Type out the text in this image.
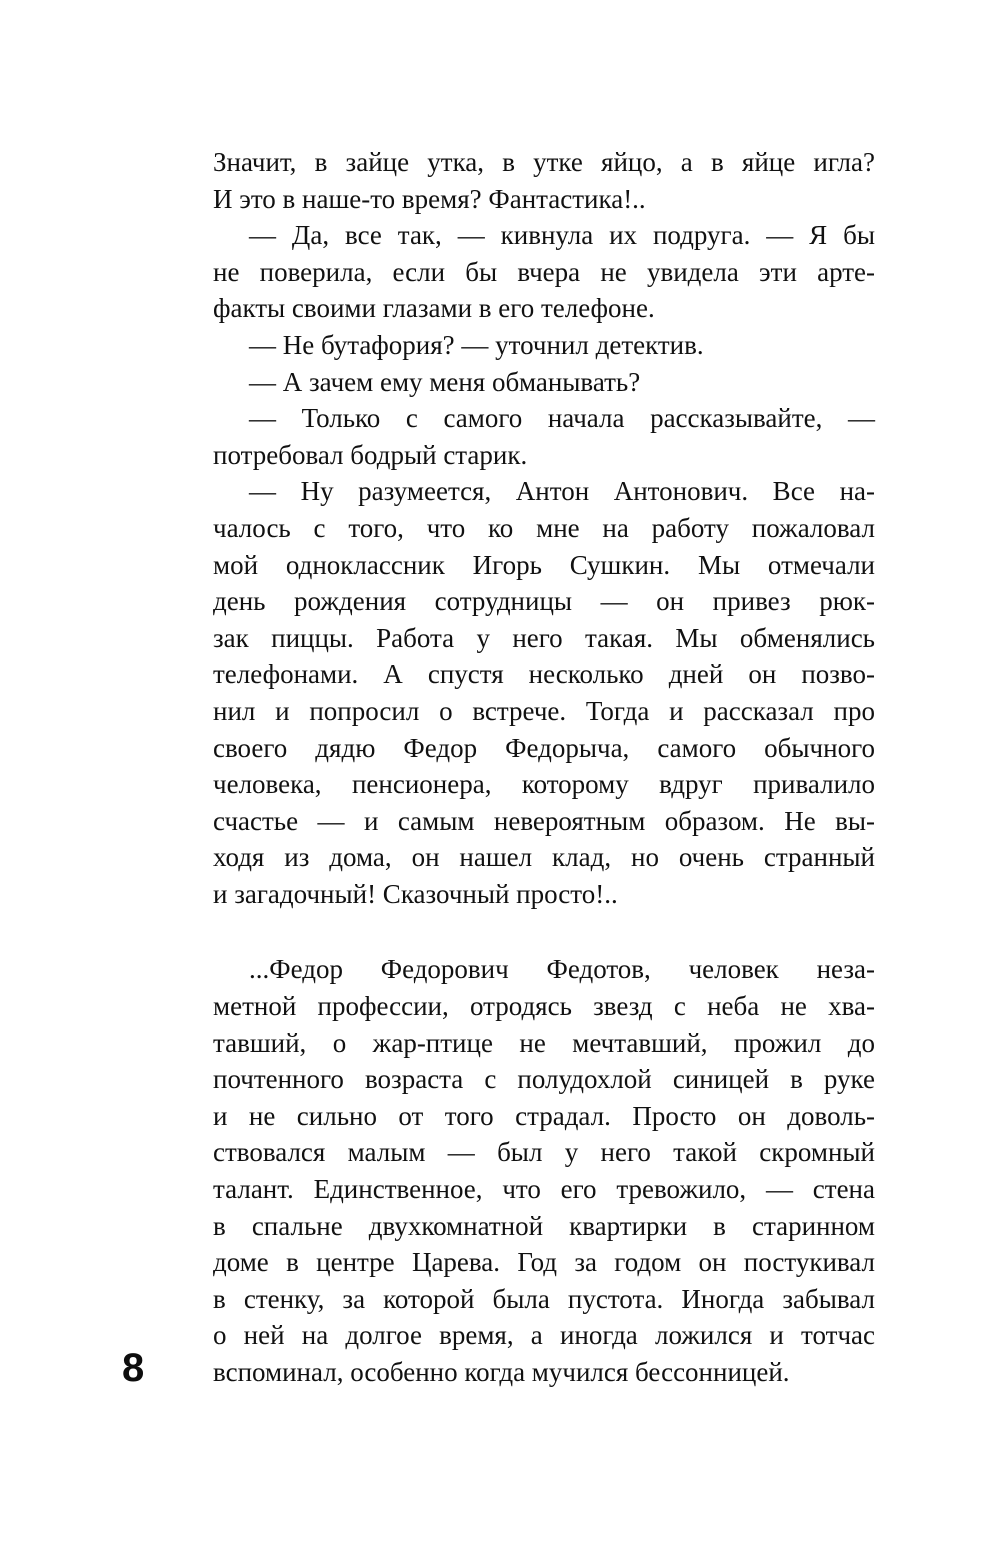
8
Значит, в зайце утка, в утке яйцо, а в яйце игла?
И это в наше-то время? Фантастика!..
— Да, все так, — кивнула их подруга. — Я бы
не поверила, если бы вчера не увидела эти арте-
факты своими глазами в его телефоне.
— Не бутафория? — уточнил детектив.
— А зачем ему меня обманывать?
— Только с самого начала рассказывайте, —
потребовал бодрый старик.
— Ну разумеется, Антон Антонович. Все на-
чалось с того, что ко мне на работу пожаловал
мой одноклассник Игорь Сушкин. Мы отмечали
день рождения сотрудницы — он привез рюк-
зак пиццы. Работа у него такая. Мы обменялись
телефонами. А спустя несколько дней он позво-
нил и попросил о встрече. Тогда и рассказал про
своего дядю Федор Федорыча, самого обычного
человека, пенсионера, которому вдруг привалило
счастье — и самым невероятным образом. Не вы-
ходя из дома, он нашел клад, но очень странный
и загадочный! Сказочный просто!..
...Федор Федорович Федотов, человек неза-
метной профессии, отродясь звезд с неба не хва-
тавший, о жар-птице не мечтавший, прожил до
почтенного возраста с полудохлой синицей в руке
и не сильно от того страдал. Просто он доволь-
ствовался малым — был у него такой скромный
талант. Единственное, что его тревожило, — стена
в спальне двухкомнатной квартирки в старинном
доме в центре Царева. Год за годом он постукивал
в стенку, за которой была пустота. Иногда забывал
о ней на долгое время, а иногда ложился и тотчас
вспоминал, особенно когда мучился бессонницей.
